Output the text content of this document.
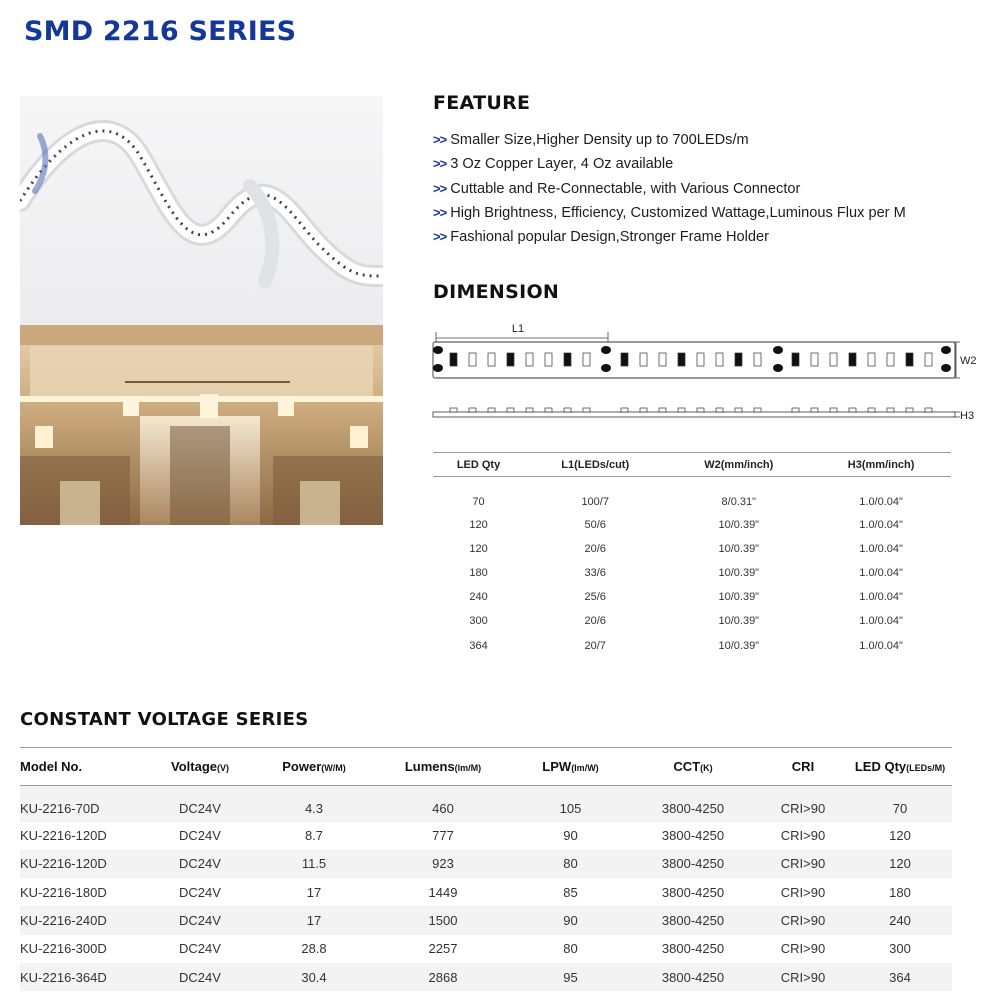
SMD 2216 SERIES
FEATURE
>> Smaller Size,Higher Density up to 700LEDs/m
>> 3 Oz Copper Layer, 4 Oz available
>> Cuttable and Re-Connectable, with Various Connector
>> High Brightness, Efficiency, Customized Wattage,Luminous Flux per M
>> Fashional popular Design,Stronger Frame Holder
DIMENSION
L1
W2
H3
LED Qty	L1(LEDs/cut)	W2(mm/inch)	H3(mm/inch)
70	100/7	8/0.31"	1.0/0.04"
120	50/6	10/0.39"	1.0/0.04"
120	20/6	10/0.39"	1.0/0.04"
180	33/6	10/0.39"	1.0/0.04"
240	25/6	10/0.39"	1.0/0.04"
300	20/6	10/0.39"	1.0/0.04"
364	20/7	10/0.39"	1.0/0.04"
CONSTANT VOLTAGE SERIES
Model No.	Voltage(V)	Power(W/M)	Lumens(lm/M)	LPW(lm/W)	CCT(K)	CRI	LED Qty(LEDs/M)
KU-2216-70D	DC24V	4.3	460	105	3800-4250	CRI>90	70
KU-2216-120D	DC24V	8.7	777	90	3800-4250	CRI>90	120
KU-2216-120D	DC24V	11.5	923	80	3800-4250	CRI>90	120
KU-2216-180D	DC24V	17	1449	85	3800-4250	CRI>90	180
KU-2216-240D	DC24V	17	1500	90	3800-4250	CRI>90	240
KU-2216-300D	DC24V	28.8	2257	80	3800-4250	CRI>90	300
KU-2216-364D	DC24V	30.4	2868	95	3800-4250	CRI>90	364
